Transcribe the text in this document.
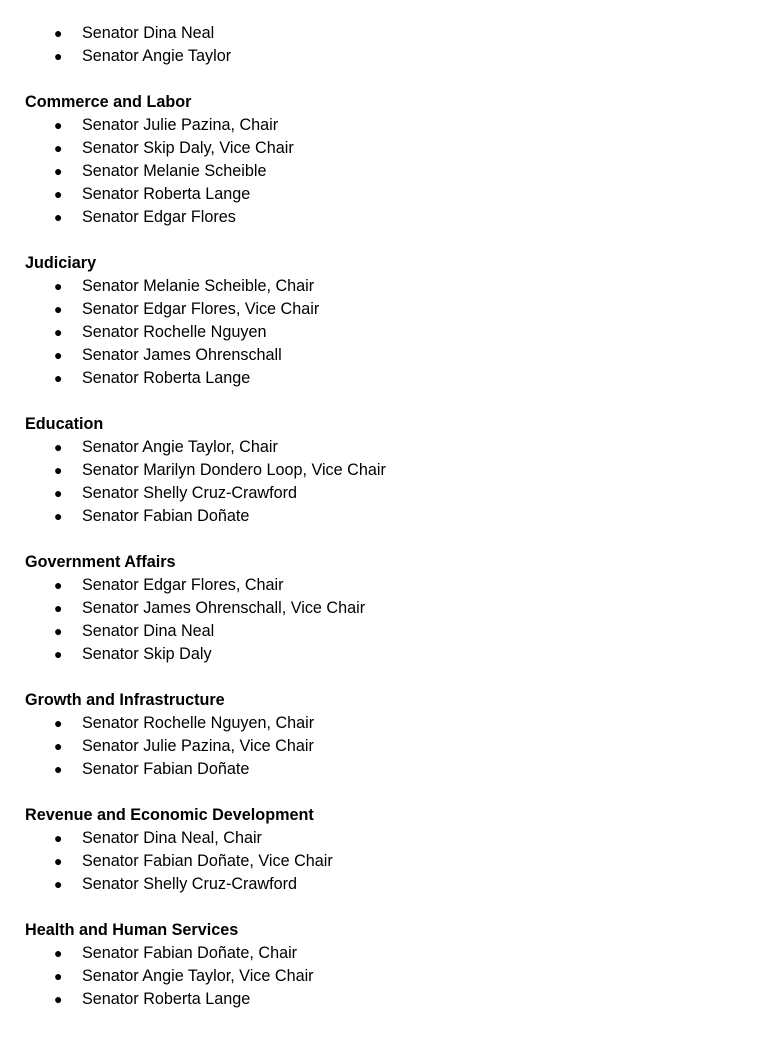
● Senator Dina Neal
● Senator Angie Taylor
Commerce and Labor
● Senator Julie Pazina, Chair
● Senator Skip Daly, Vice Chair
● Senator Melanie Scheible
● Senator Roberta Lange
● Senator Edgar Flores
Judiciary
● Senator Melanie Scheible, Chair
● Senator Edgar Flores, Vice Chair
● Senator Rochelle Nguyen
● Senator James Ohrenschall
● Senator Roberta Lange
Education
● Senator Angie Taylor, Chair
● Senator Marilyn Dondero Loop, Vice Chair
● Senator Shelly Cruz-Crawford
● Senator Fabian Doñate
Government Affairs
● Senator Edgar Flores, Chair
● Senator James Ohrenschall, Vice Chair
● Senator Dina Neal
● Senator Skip Daly
Growth and Infrastructure
● Senator Rochelle Nguyen, Chair
● Senator Julie Pazina, Vice Chair
● Senator Fabian Doñate
Revenue and Economic Development
● Senator Dina Neal, Chair
● Senator Fabian Doñate, Vice Chair
● Senator Shelly Cruz-Crawford
Health and Human Services
● Senator Fabian Doñate, Chair
● Senator Angie Taylor, Vice Chair
● Senator Roberta Lange
